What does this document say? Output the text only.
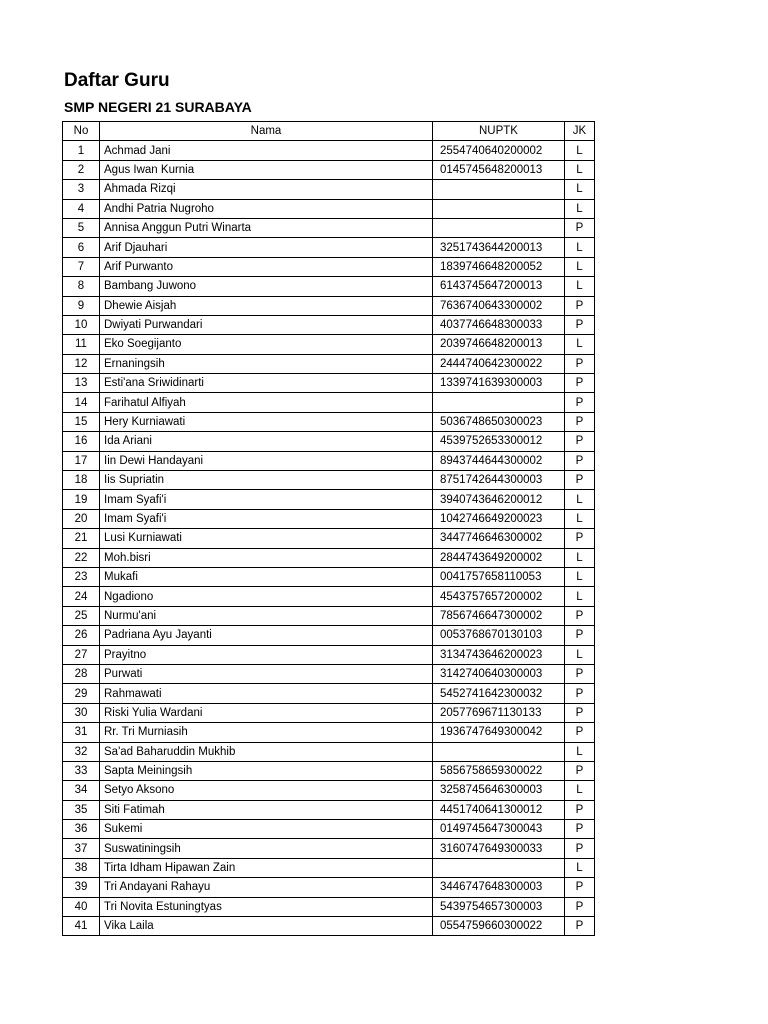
Daftar Guru
SMP NEGERI 21 SURABAYA
No	Nama	NUPTK	JK
1	Achmad Jani	2554740640200002	L
2	Agus Iwan Kurnia	0145745648200013	L
3	Ahmada Rizqi		L
4	Andhi Patria Nugroho		L
5	Annisa Anggun Putri Winarta		P
6	Arif Djauhari	3251743644200013	L
7	Arif Purwanto	1839746648200052	L
8	Bambang Juwono	6143745647200013	L
9	Dhewie Aisjah	7636740643300002	P
10	Dwiyati Purwandari	4037746648300033	P
11	Eko Soegijanto	2039746648200013	L
12	Ernaningsih	2444740642300022	P
13	Esti'ana Sriwidinarti	1339741639300003	P
14	Farihatul Alfiyah		P
15	Hery Kurniawati	5036748650300023	P
16	Ida Ariani	4539752653300012	P
17	Iin Dewi Handayani	8943744644300002	P
18	Iis Supriatin	8751742644300003	P
19	Imam Syafi'i	3940743646200012	L
20	Imam Syafi'i	1042746649200023	L
21	Lusi Kurniawati	3447746646300002	P
22	Moh.bisri	2844743649200002	L
23	Mukafi	0041757658110053	L
24	Ngadiono	4543757657200002	L
25	Nurmu'ani	7856746647300002	P
26	Padriana Ayu Jayanti	0053768670130103	P
27	Prayitno	3134743646200023	L
28	Purwati	3142740640300003	P
29	Rahmawati	5452741642300032	P
30	Riski Yulia Wardani	2057769671130133	P
31	Rr. Tri Murniasih	1936747649300042	P
32	Sa'ad Baharuddin Mukhib		L
33	Sapta Meiningsih	5856758659300022	P
34	Setyo Aksono	3258745646300003	L
35	Siti Fatimah	4451740641300012	P
36	Sukemi	0149745647300043	P
37	Suswatiningsih	3160747649300033	P
38	Tirta Idham Hipawan Zain		L
39	Tri Andayani Rahayu	3446747648300003	P
40	Tri Novita Estuningtyas	5439754657300003	P
41	Vika Laila	0554759660300022	P
